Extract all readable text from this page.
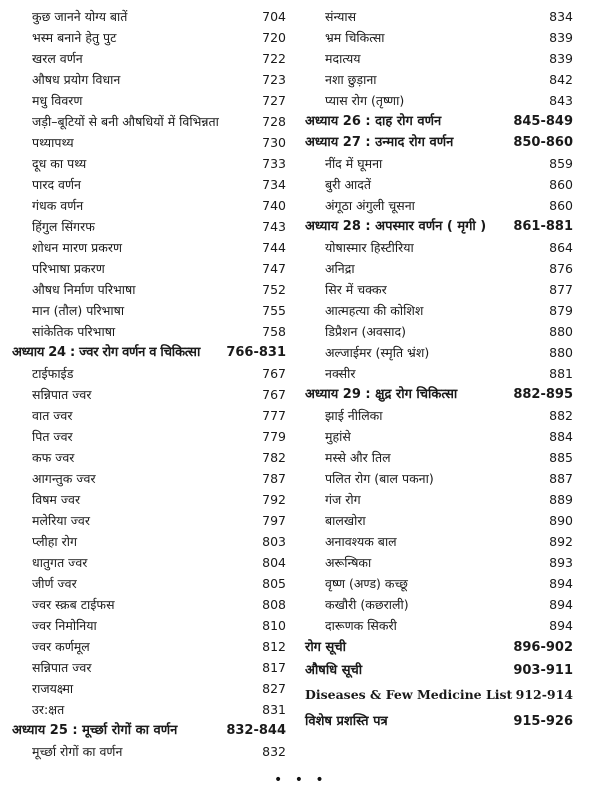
कुछ जानने योग्य बातें	704
भस्म बनाने हेतु पुट	720
खरल वर्णन	722
औषध प्रयोग विधान	723
मधु विवरण	727
जड़ी–बूटियों से बनी औषधियों में विभिन्नता	728
पथ्यापथ्य	730
दूध का पथ्य	733
पारद वर्णन	734
गंधक वर्णन	740
हिंगुल सिंगरफ	743
शोधन मारण प्रकरण	744
परिभाषा प्रकरण	747
औषध निर्माण परिभाषा	752
मान (तौल) परिभाषा	755
सांकेतिक परिभाषा	758
अध्याय 24 : ज्वर रोग वर्णन व चिकित्सा 766-831
टाईफाईड	767
सन्निपात ज्वर	767
वात ज्वर	777
पित ज्वर	779
कफ ज्वर	782
आगन्तुक ज्वर	787
विषम ज्वर	792
मलेरिया ज्वर	797
प्लीहा रोग	803
धातुगत ज्वर	804
जीर्ण ज्वर	805
ज्वर स्क्रब टाईफस	808
ज्वर निमोनिया	810
ज्वर कर्णमूल	812
सन्निपात ज्वर	817
राजयक्ष्मा	827
उर:क्षत	831
अध्याय 25 : मूर्च्छा रोगों का वर्णन	832-844
मूर्च्छा रोगों का वर्णन	832
संन्यास	834
भ्रम चिकित्सा	839
मदात्यय	839
नशा छुड़ाना	842
प्यास रोग (तृष्णा)	843
अध्याय 26 : दाह रोग वर्णन	845-849
अध्याय 27 : उन्माद रोग वर्णन	850-860
नींद में घूमना	859
बुरी आदतें	860
अंगूठा अंगुली चूसना	860
अध्याय 28 : अपस्मार वर्णन ( मृगी ) 861-881
योषास्मार हिस्टीरिया	864
अनिद्रा	876
सिर में चक्कर	877
आत्महत्या की कोशिश	879
डिप्रैशन (अवसाद)	880
अल्जाईमर (स्मृति भ्रंश)	880
नक्सीर	881
अध्याय 29 : क्षुद्र रोग चिकित्सा	882-895
झाई नीलिका	882
मुहांसे	884
मस्से और तिल	885
पलित रोग (बाल पकना)	887
गंज रोग	889
बालखोरा	890
अनावश्यक बाल	892
अरून्षिका	893
वृष्ण (अण्ड) कच्छू	894
कखौरी (कछराली)	894
दारूणक सिकरी	894
रोग सूची	896-902
औषधि सूची	903-911
Diseases & Few Medicine List 912-914
विशेष प्रशस्ति पत्र	915-926
• • •
